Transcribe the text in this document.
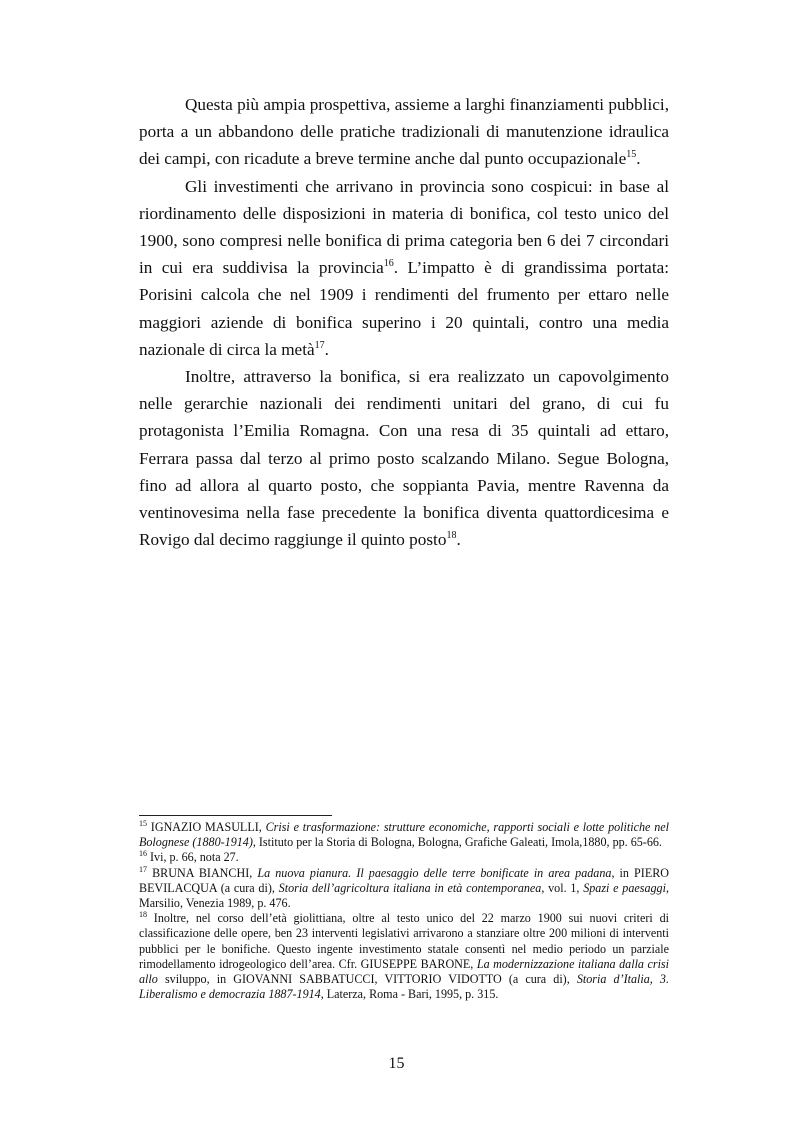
Questa più ampia prospettiva, assieme a larghi finanziamenti pubblici, porta a un abbandono delle pratiche tradizionali di manutenzione idraulica dei campi, con ricadute a breve termine anche dal punto occupazionale$^{15}$.

Gli investimenti che arrivano in provincia sono cospicui: in base al riordinamento delle disposizioni in materia di bonifica, col testo unico del 1900, sono compresi nelle bonifica di prima categoria ben 6 dei 7 circondari in cui era suddivisa la provincia$^{16}$. L’impatto è di grandissima portata: Porisini calcola che nel 1909 i rendimenti del frumento per ettaro nelle maggiori aziende di bonifica superino i 20 quintali, contro una media nazionale di circa la metà$^{17}$.

Inoltre, attraverso la bonifica, si era realizzato un capovolgimento nelle gerarchie nazionali dei rendimenti unitari del grano, di cui fu protagonista l’Emilia Romagna. Con una resa di 35 quintali ad ettaro, Ferrara passa dal terzo al primo posto scalzando Milano. Segue Bologna, fino ad allora al quarto posto, che soppianta Pavia, mentre Ravenna da ventinovesima nella fase precedente la bonifica diventa quattordicesima e Rovigo dal decimo raggiunge il quinto posto$^{18}$.

$^{15}$ IGNAZIO MASULLI, Crisi e trasformazione: strutture economiche, rapporti sociali e lotte politiche nel Bolognese (1880-1914), Istituto per la Storia di Bologna, Bologna, Grafiche Galeati, Imola,1880, pp. 65-66.

$^{16}$ Ivi, p. 66, nota 27.

$^{17}$ BRUNA BIANCHI, La nuova pianura. Il paesaggio delle terre bonificate in area padana, in PIERO BEVILACQUA (a cura di), Storia dell’agricoltura italiana in età contemporanea, vol. 1, Spazi e paesaggi, Marsilio, Venezia 1989, p. 476.

$^{18}$ Inoltre, nel corso dell’età giolittiana, oltre al testo unico del 22 marzo 1900 sui nuovi criteri di classificazione delle opere, ben 23 interventi legislativi arrivarono a stanziare oltre 200 milioni di interventi pubblici per le bonifiche. Questo ingente investimento statale consentì nel medio periodo un parziale rimodellamento idrogeologico dell’area. Cfr. GIUSEPPE BARONE, La modernizzazione italiana dalla crisi allo sviluppo, in GIOVANNI SABBATUCCI, VITTORIO VIDOTTO (a cura di), Storia d’Italia, 3. Liberalismo e democrazia 1887-1914, Laterza, Roma - Bari, 1995, p. 315.

15
